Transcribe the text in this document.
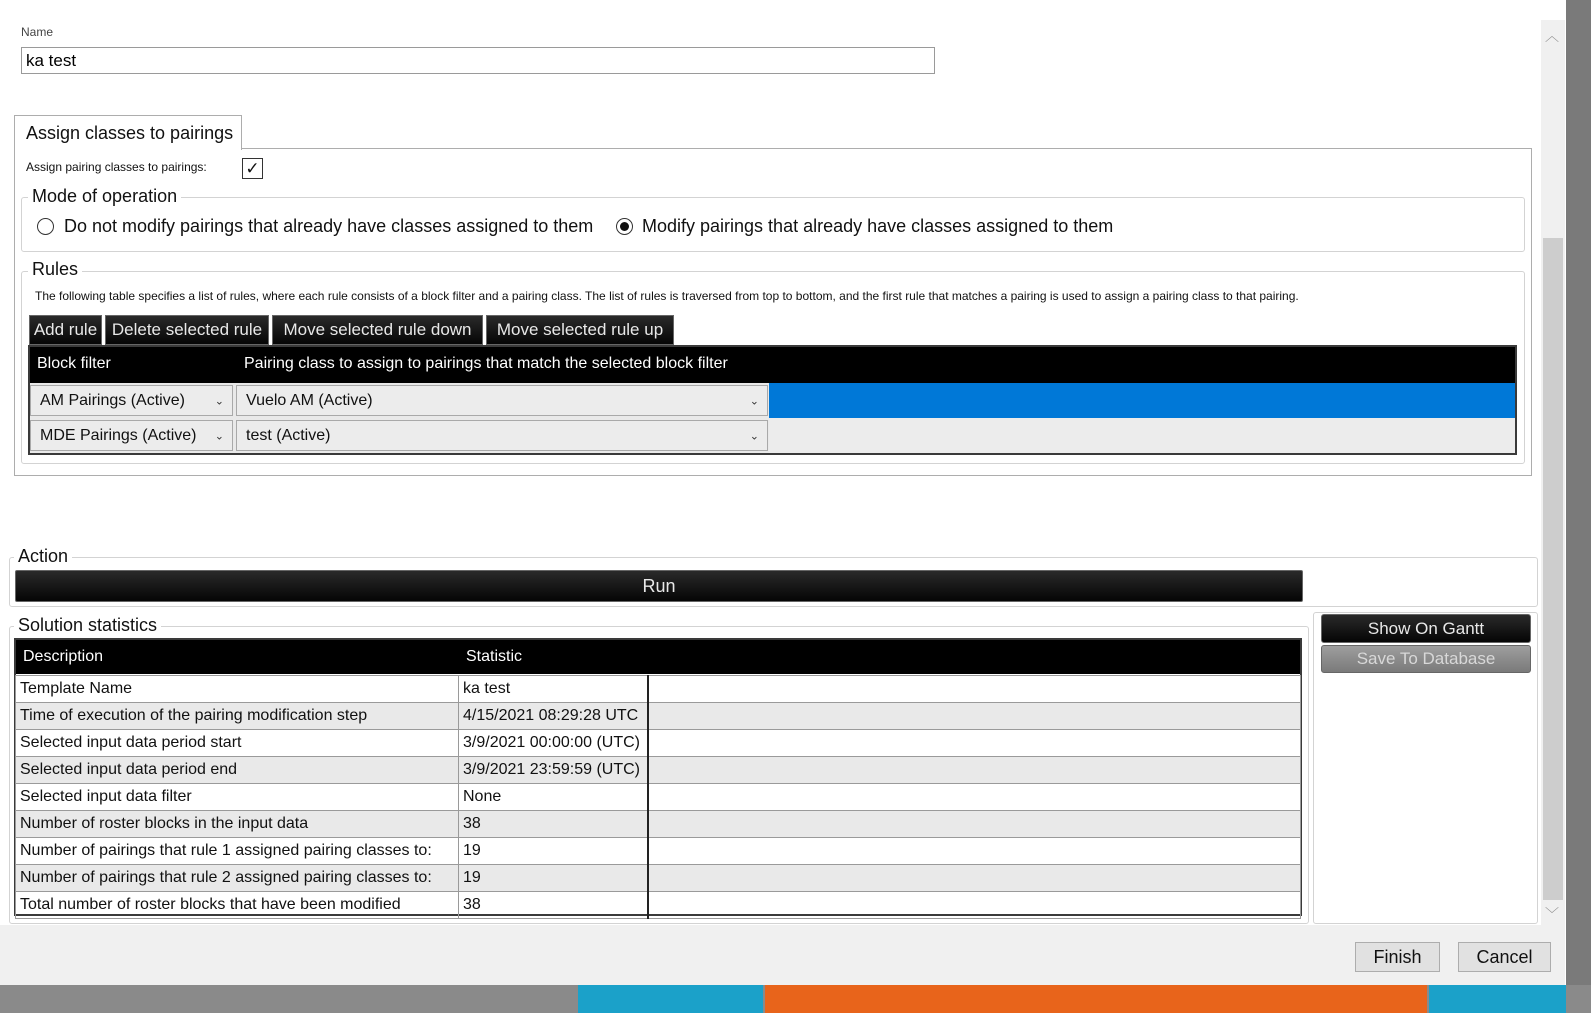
Name
ka test
Assign classes to pairings
Assign pairing classes to pairings: ✓
Mode of operation
Do not modify pairings that already have classes assigned to them	Modify pairings that already have classes assigned to them
Rules
The following table specifies a list of rules, where each rule consists of a block filter and a pairing class. The list of rules is traversed from top to bottom, and the first rule that matches a pairing is used to assign a pairing class to that pairing.
Add rule Delete selected rule	Move selected rule down	Move selected rule up
Block filter	Pairing class to assign to pairings that match the selected block filter
AM Pairings (Active)	⌄ Vuelo AM (Active)	⌄
MDE Pairings (Active) ⌄ test (Active)	⌄
Action
Run
Solution statistics
Description	Statistic
Template Name	ka test	
Time of execution of the pairing modification step	4/15/2021 08:29:28 UTC	
Selected input data period start	3/9/2021 00:00:00 (UTC)	
Selected input data period end	3/9/2021 23:59:59 (UTC)	
Selected input data filter	None	
Number of roster blocks in the input data	38	
Number of pairings that rule 1 assigned pairing classes to:	19	
Number of pairings that rule 2 assigned pairing classes to:	19	
Total number of roster blocks that have been modified	38	
Show On Gantt
Save To Database
︿
﹀
Finish	Cancel
